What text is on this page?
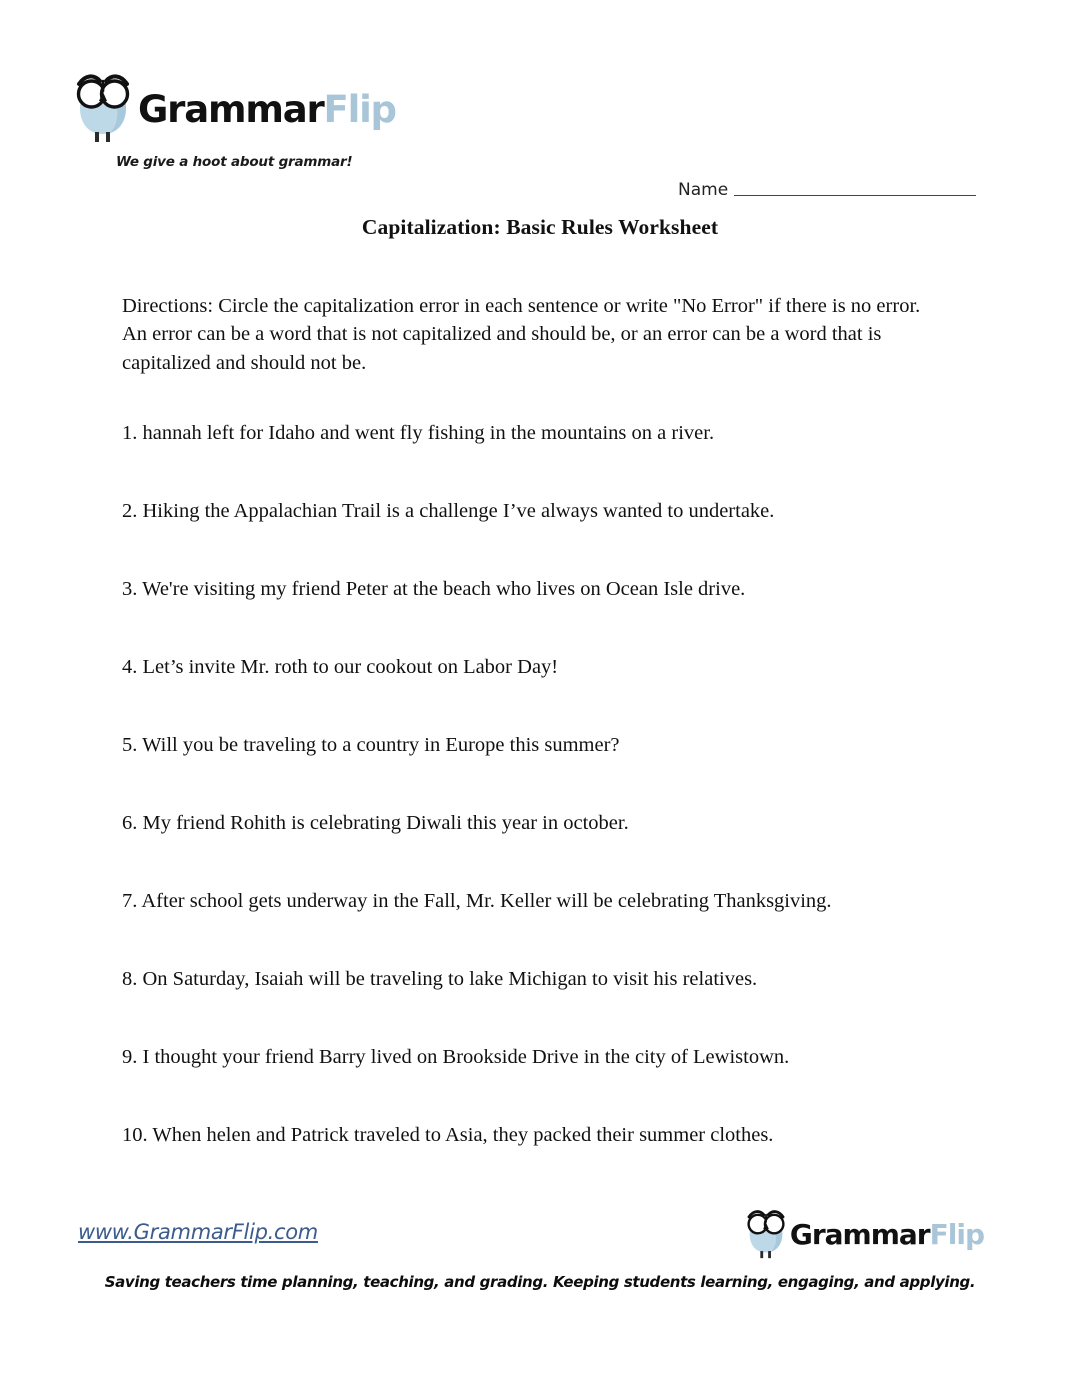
GrammarFlip
We give a hoot about grammar!
Name
Capitalization: Basic Rules Worksheet
Directions: Circle the capitalization error in each sentence or write "No Error" if there is no error. An error can be a word that is not capitalized and should be, or an error can be a word that is capitalized and should not be.
1. hannah left for Idaho and went fly fishing in the mountains on a river.
2. Hiking the Appalachian Trail is a challenge I’ve always wanted to undertake.
3. We're visiting my friend Peter at the beach who lives on Ocean Isle drive.
4. Let’s invite Mr. roth to our cookout on Labor Day!
5. Will you be traveling to a country in Europe this summer?
6. My friend Rohith is celebrating Diwali this year in october.
7. After school gets underway in the Fall, Mr. Keller will be celebrating Thanksgiving.
8. On Saturday, Isaiah will be traveling to lake Michigan to visit his relatives.
9. I thought your friend Barry lived on Brookside Drive in the city of Lewistown.
10. When helen and Patrick traveled to Asia, they packed their summer clothes.
www.GrammarFlip.com	GrammarFlip
Saving teachers time planning, teaching, and grading. Keeping students learning, engaging, and applying.
